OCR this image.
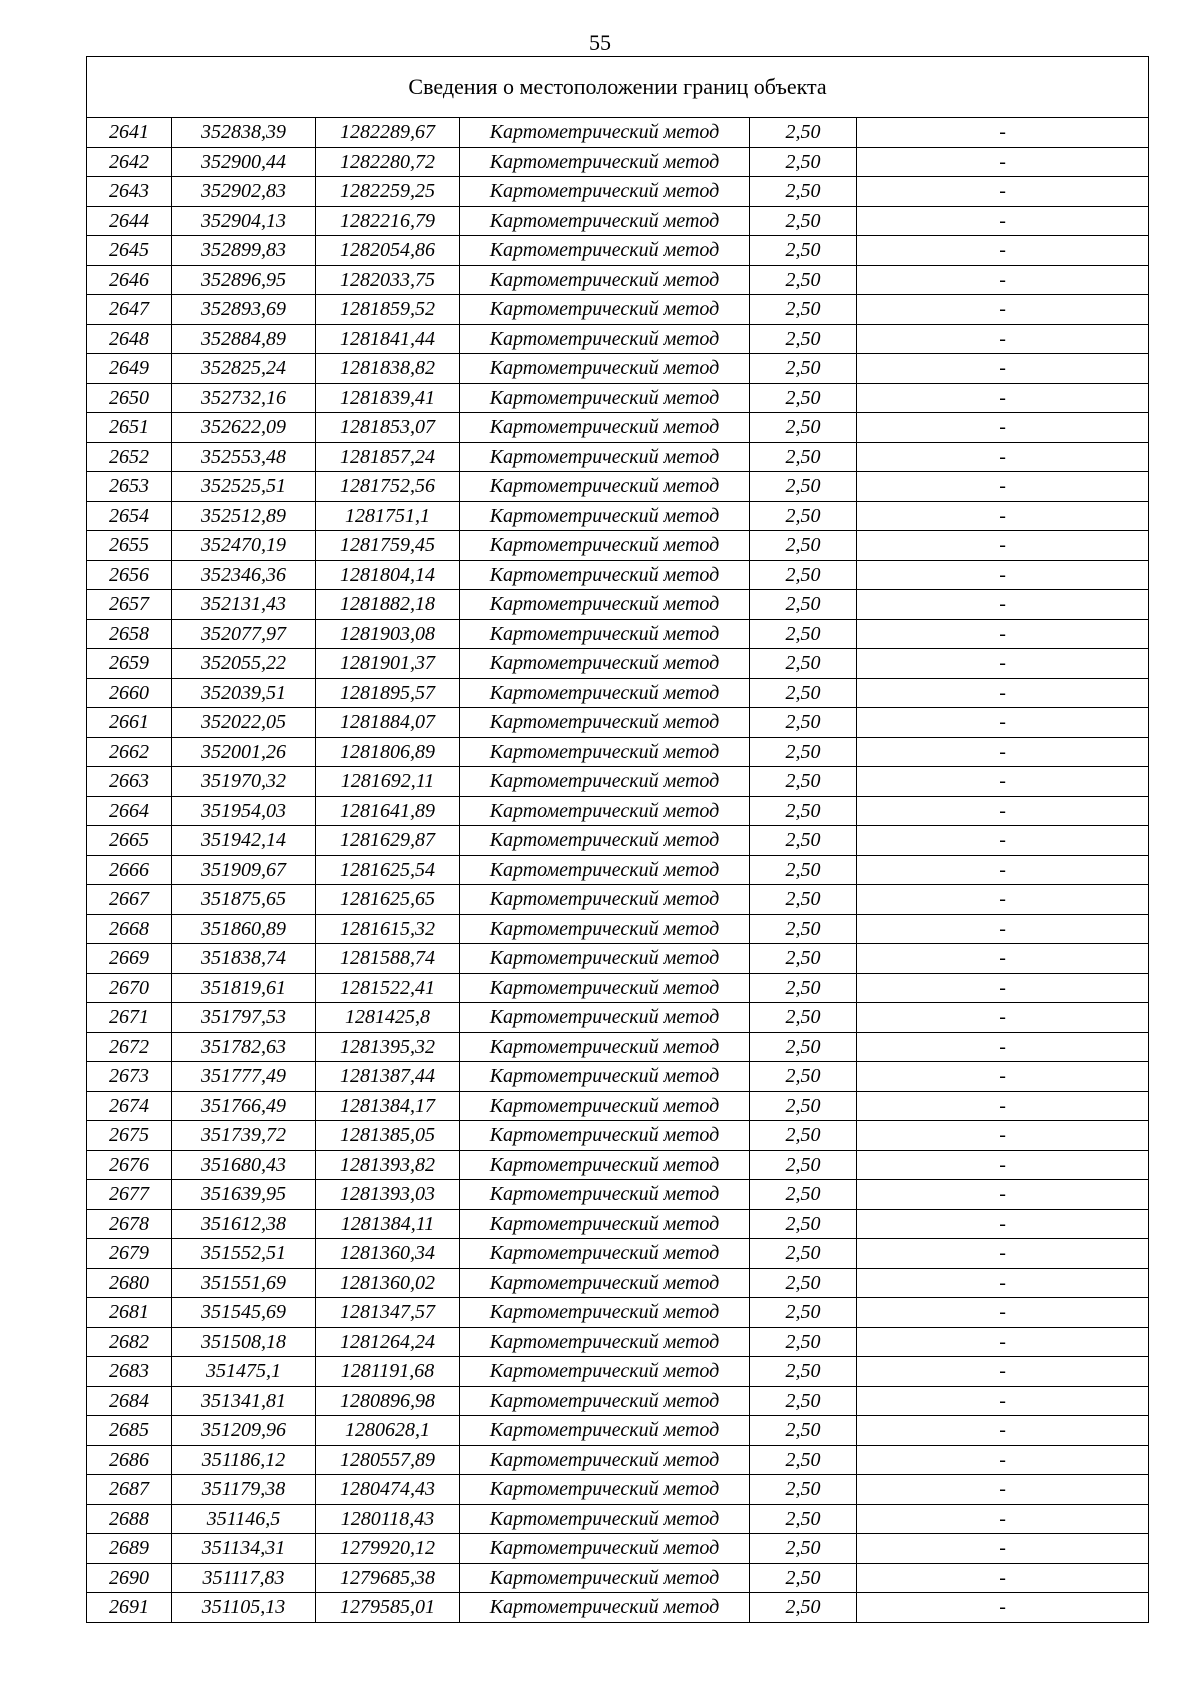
55
Сведения о местоположении границ объекта					
2641	352838,39	1282289,67	Картометрический метод	2,50	-
2642	352900,44	1282280,72	Картометрический метод	2,50	-
2643	352902,83	1282259,25	Картометрический метод	2,50	-
2644	352904,13	1282216,79	Картометрический метод	2,50	-
2645	352899,83	1282054,86	Картометрический метод	2,50	-
2646	352896,95	1282033,75	Картометрический метод	2,50	-
2647	352893,69	1281859,52	Картометрический метод	2,50	-
2648	352884,89	1281841,44	Картометрический метод	2,50	-
2649	352825,24	1281838,82	Картометрический метод	2,50	-
2650	352732,16	1281839,41	Картометрический метод	2,50	-
2651	352622,09	1281853,07	Картометрический метод	2,50	-
2652	352553,48	1281857,24	Картометрический метод	2,50	-
2653	352525,51	1281752,56	Картометрический метод	2,50	-
2654	352512,89	1281751,1	Картометрический метод	2,50	-
2655	352470,19	1281759,45	Картометрический метод	2,50	-
2656	352346,36	1281804,14	Картометрический метод	2,50	-
2657	352131,43	1281882,18	Картометрический метод	2,50	-
2658	352077,97	1281903,08	Картометрический метод	2,50	-
2659	352055,22	1281901,37	Картометрический метод	2,50	-
2660	352039,51	1281895,57	Картометрический метод	2,50	-
2661	352022,05	1281884,07	Картометрический метод	2,50	-
2662	352001,26	1281806,89	Картометрический метод	2,50	-
2663	351970,32	1281692,11	Картометрический метод	2,50	-
2664	351954,03	1281641,89	Картометрический метод	2,50	-
2665	351942,14	1281629,87	Картометрический метод	2,50	-
2666	351909,67	1281625,54	Картометрический метод	2,50	-
2667	351875,65	1281625,65	Картометрический метод	2,50	-
2668	351860,89	1281615,32	Картометрический метод	2,50	-
2669	351838,74	1281588,74	Картометрический метод	2,50	-
2670	351819,61	1281522,41	Картометрический метод	2,50	-
2671	351797,53	1281425,8	Картометрический метод	2,50	-
2672	351782,63	1281395,32	Картометрический метод	2,50	-
2673	351777,49	1281387,44	Картометрический метод	2,50	-
2674	351766,49	1281384,17	Картометрический метод	2,50	-
2675	351739,72	1281385,05	Картометрический метод	2,50	-
2676	351680,43	1281393,82	Картометрический метод	2,50	-
2677	351639,95	1281393,03	Картометрический метод	2,50	-
2678	351612,38	1281384,11	Картометрический метод	2,50	-
2679	351552,51	1281360,34	Картометрический метод	2,50	-
2680	351551,69	1281360,02	Картометрический метод	2,50	-
2681	351545,69	1281347,57	Картометрический метод	2,50	-
2682	351508,18	1281264,24	Картометрический метод	2,50	-
2683	351475,1	1281191,68	Картометрический метод	2,50	-
2684	351341,81	1280896,98	Картометрический метод	2,50	-
2685	351209,96	1280628,1	Картометрический метод	2,50	-
2686	351186,12	1280557,89	Картометрический метод	2,50	-
2687	351179,38	1280474,43	Картометрический метод	2,50	-
2688	351146,5	1280118,43	Картометрический метод	2,50	-
2689	351134,31	1279920,12	Картометрический метод	2,50	-
2690	351117,83	1279685,38	Картометрический метод	2,50	-
2691	351105,13	1279585,01	Картометрический метод	2,50	-
